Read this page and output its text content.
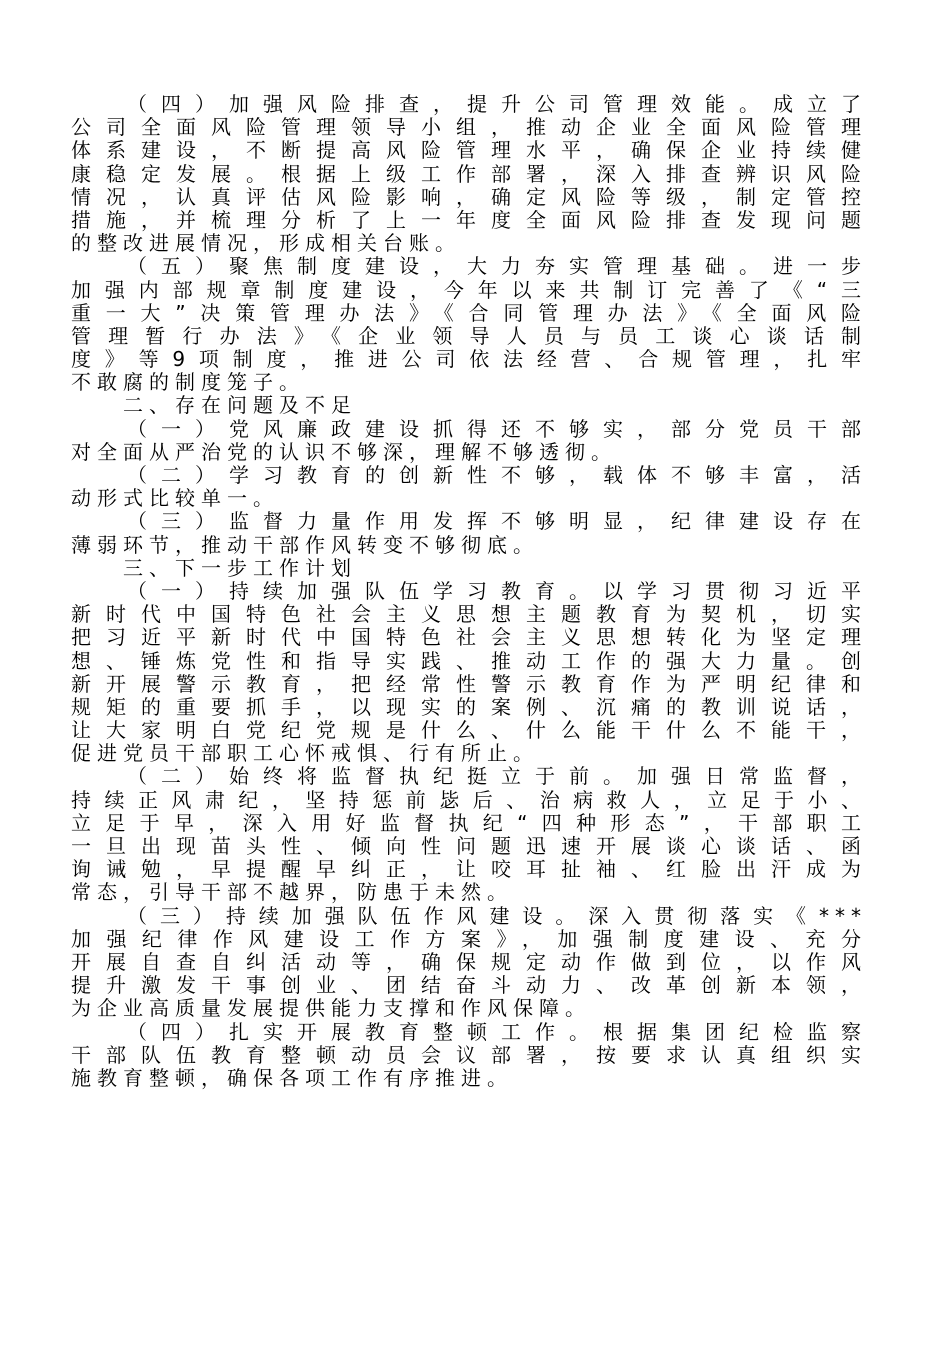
（四）加强风险排查，提升公司管理效能。成立了
公司全面风险管理领导小组，推动企业全面风险管理
体系建设，不断提高风险管理水平，确保企业持续健
康稳定发展。根据上级工作部署，深入排查辨识风险
情况，认真评估风险影响，确定风险等级，制定管控
措施，并梳理分析了上一年度全面风险排查发现问题
的整改进展情况，形成相关台账。
（五）聚焦制度建设，大力夯实管理基础。进一步
加强内部规章制度建设，今年以来共制订完善了《“三
重一大”决策管理办法》《合同管理办法》《全面风险
管理暂行办法》《企业领导人员与员工谈心谈话制
度》等9项制度，推进公司依法经营、合规管理，扎牢
不敢腐的制度笼子。
二、存在问题及不足
（一）党风廉政建设抓得还不够实，部分党员干部
对全面从严治党的认识不够深，理解不够透彻。
（二）学习教育的创新性不够，载体不够丰富，活
动形式比较单一。
（三）监督力量作用发挥不够明显，纪律建设存在
薄弱环节，推动干部作风转变不够彻底。
三、下一步工作计划
（一）持续加强队伍学习教育。以学习贯彻习近平
新时代中国特色社会主义思想主题教育为契机，切实
把习近平新时代中国特色社会主义思想转化为坚定理
想、锤炼党性和指导实践、推动工作的强大力量。创
新开展警示教育，把经常性警示教育作为严明纪律和
规矩的重要抓手，以现实的案例、沉痛的教训说话，
让大家明白党纪党规是什么、什么能干什么不能干，
促进党员干部职工心怀戒惧、行有所止。
（二）始终将监督执纪挺立于前。加强日常监督，
持续正风肃纪，坚持惩前毖后、治病救人，立足于小、
立足于早，深入用好监督执纪“四种形态”，干部职工
一旦出现苗头性、倾向性问题迅速开展谈心谈话、函
询诫勉，早提醒早纠正，让咬耳扯袖、红脸出汗成为
常态，引导干部不越界，防患于未然。
（三）持续加强队伍作风建设。深入贯彻落实《***
加强纪律作风建设工作方案》，加强制度建设、充分
开展自查自纠活动等，确保规定动作做到位，以作风
提升激发干事创业、团结奋斗动力、改革创新本领，
为企业高质量发展提供能力支撑和作风保障。
（四）扎实开展教育整顿工作。根据集团纪检监察
干部队伍教育整顿动员会议部署，按要求认真组织实
施教育整顿，确保各项工作有序推进。
